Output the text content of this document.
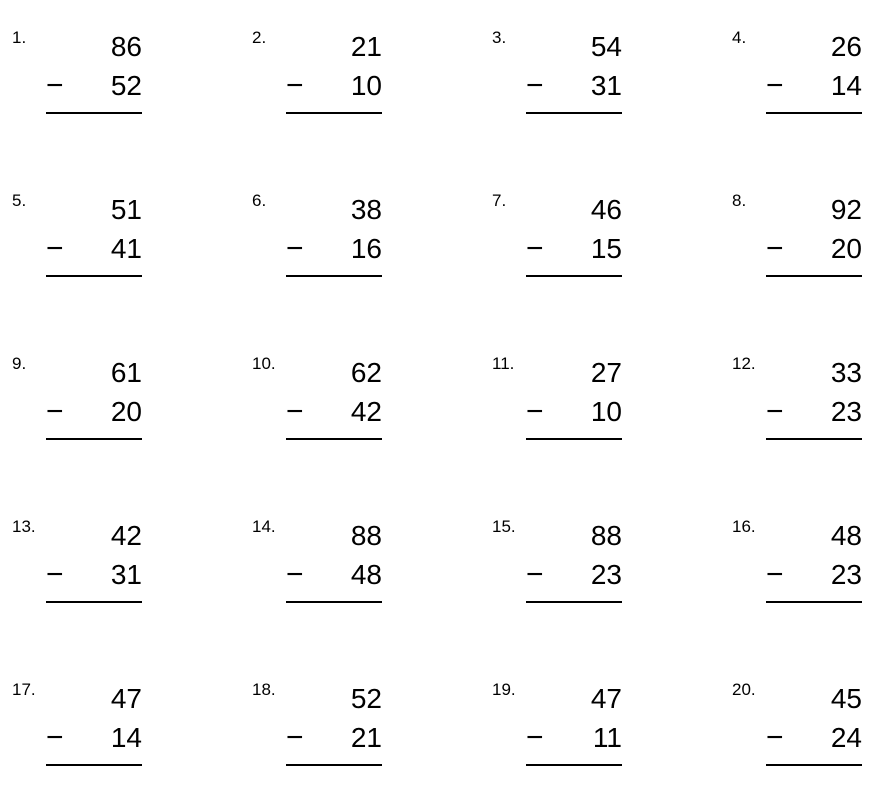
1.	86
−	52
2.	21
−	10
3.	54
−	31
4.	26
−	14
5.	51
−	41
6.	38
−	16
7.	46
−	15
8.	92
−	20
9.	61
−	20
10.	62
−	42
11.	27
−	10
12.	33
−	23
13.	42
−	31
14.	88
−	48
15.	88
−	23
16.	48
−	23
17.	47
−	14
18.	52
−	21
19.	47
−	11
20.	45
−	24
